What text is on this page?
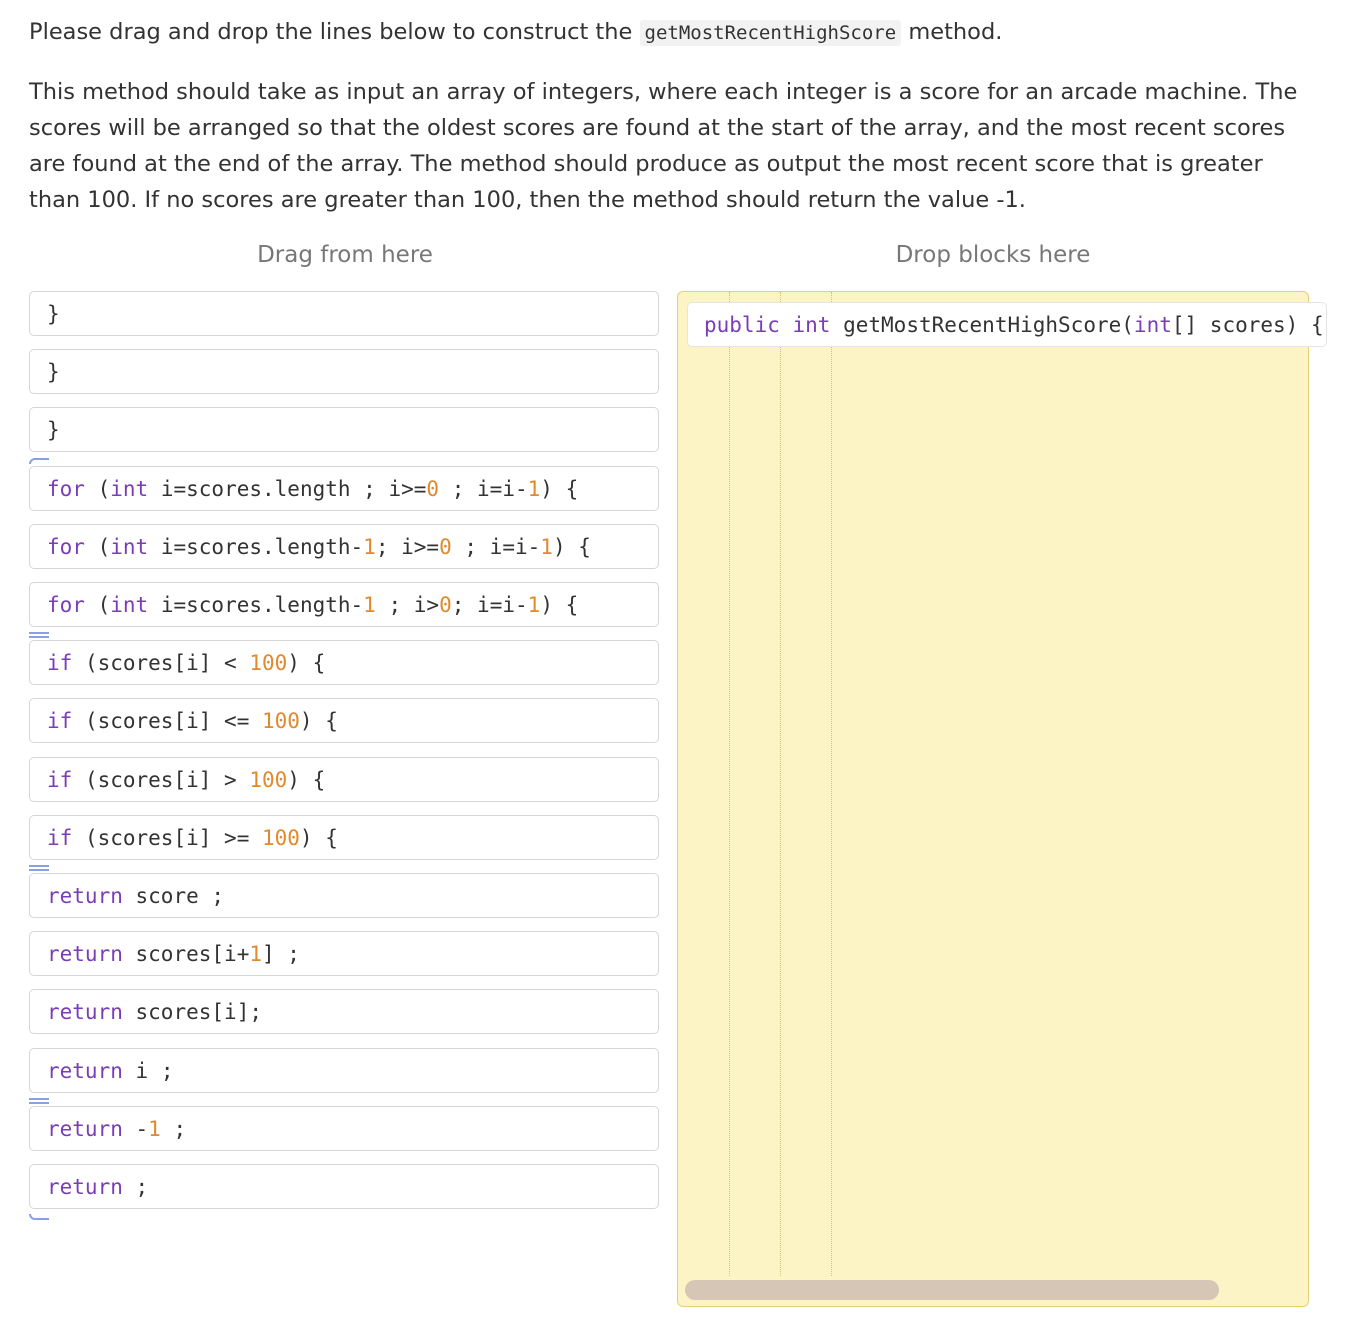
Please drag and drop the lines below to construct the getMostRecentHighScore method.

This method should take as input an array of integers, where each integer is a score for an arcade machine. The scores will be arranged so that the oldest scores are found at the start of the array, and the most recent scores are found at the end of the array. The method should produce as output the most recent score that is greater than 100. If no scores are greater than 100, then the method should return the value -1.

Drag from here	Drop blocks here
}
}
}
for (int i=scores.length ; i>=0 ; i=i-1) {
for (int i=scores.length-1; i>=0 ; i=i-1) {
for (int i=scores.length-1 ; i>0; i=i-1) {
if (scores[i] < 100) {
if (scores[i] <= 100) {
if (scores[i] > 100) {
if (scores[i] >= 100) {
return score ;
return scores[i+1] ;
return scores[i];
return i ;
return -1 ;
return ;
public int getMostRecentHighScore(int[] scores) {
